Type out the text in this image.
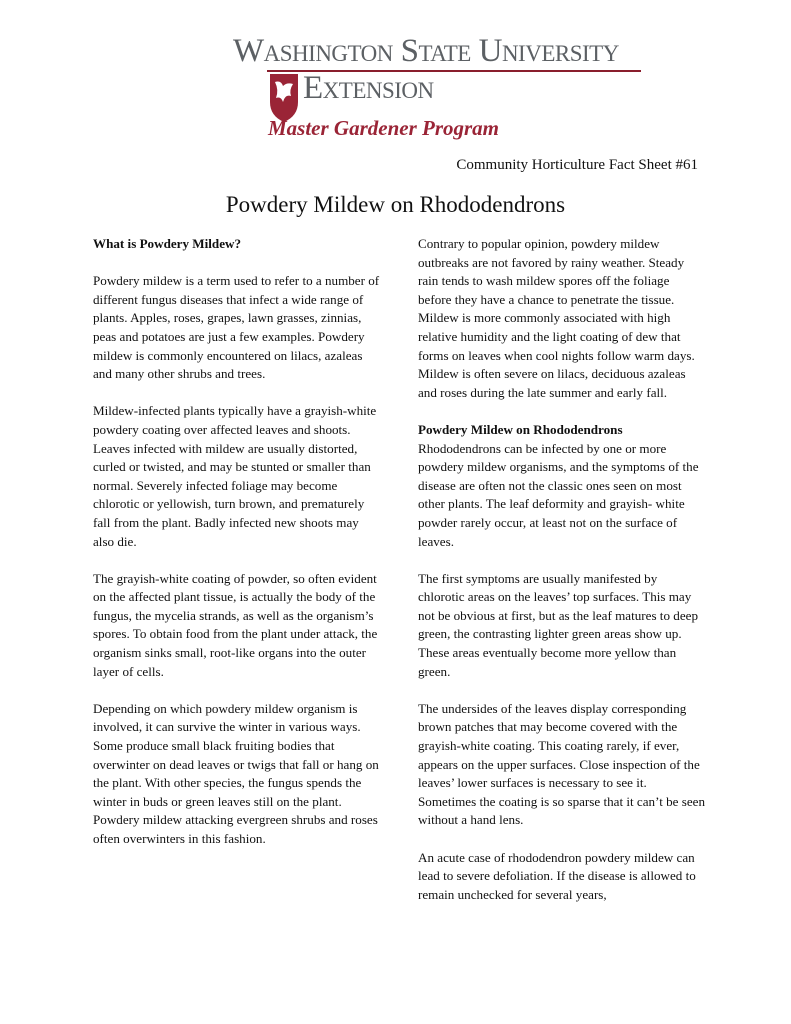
Washington State University
Extension
Master Gardener Program
Community Horticulture Fact Sheet #61
Powdery Mildew on Rhododendrons

What is Powdery Mildew?

Powdery mildew is a term used to refer to a number of different fungus diseases that infect a wide range of plants. Apples, roses, grapes, lawn grasses, zinnias, peas and potatoes are just a few examples. Powdery mildew is commonly encountered on lilacs, azaleas and many other shrubs and trees.

Mildew-infected plants typically have a grayish-white powdery coating over affected leaves and shoots. Leaves infected with mildew are usually distorted, curled or twisted, and may be stunted or smaller than normal. Severely infected foliage may become chlorotic or yellowish, turn brown, and prematurely fall from the plant. Badly infected new shoots may also die.

The grayish-white coating of powder, so often evident on the affected plant tissue, is actually the body of the fungus, the mycelia strands, as well as the organism’s spores. To obtain food from the plant under attack, the organism sinks small, root-like organs into the outer layer of cells.

Depending on which powdery mildew organism is involved, it can survive the winter in various ways. Some produce small black fruiting bodies that overwinter on dead leaves or twigs that fall or hang on the plant. With other species, the fungus spends the winter in buds or green leaves still on the plant. Powdery mildew attacking evergreen shrubs and roses often overwinters in this fashion.

Contrary to popular opinion, powdery mildew outbreaks are not favored by rainy weather. Steady rain tends to wash mildew spores off the foliage before they have a chance to penetrate the tissue. Mildew is more commonly associated with high relative humidity and the light coating of dew that forms on leaves when cool nights follow warm days. Mildew is often severe on lilacs, deciduous azaleas and roses during the late summer and early fall.

Powdery Mildew on Rhododendrons

Rhododendrons can be infected by one or more powdery mildew organisms, and the symptoms of the disease are often not the classic ones seen on most other plants. The leaf deformity and grayish- white powder rarely occur, at least not on the surface of leaves.

The first symptoms are usually manifested by chlorotic areas on the leaves’ top surfaces. This may not be obvious at first, but as the leaf matures to deep green, the contrasting lighter green areas show up. These areas eventually become more yellow than green.

The undersides of the leaves display corresponding brown patches that may become covered with the grayish-white coating. This coating rarely, if ever, appears on the upper surfaces. Close inspection of the leaves’ lower surfaces is necessary to see it. Sometimes the coating is so sparse that it can’t be seen without a hand lens.

An acute case of rhododendron powdery mildew can lead to severe defoliation. If the disease is allowed to remain unchecked for several years,
